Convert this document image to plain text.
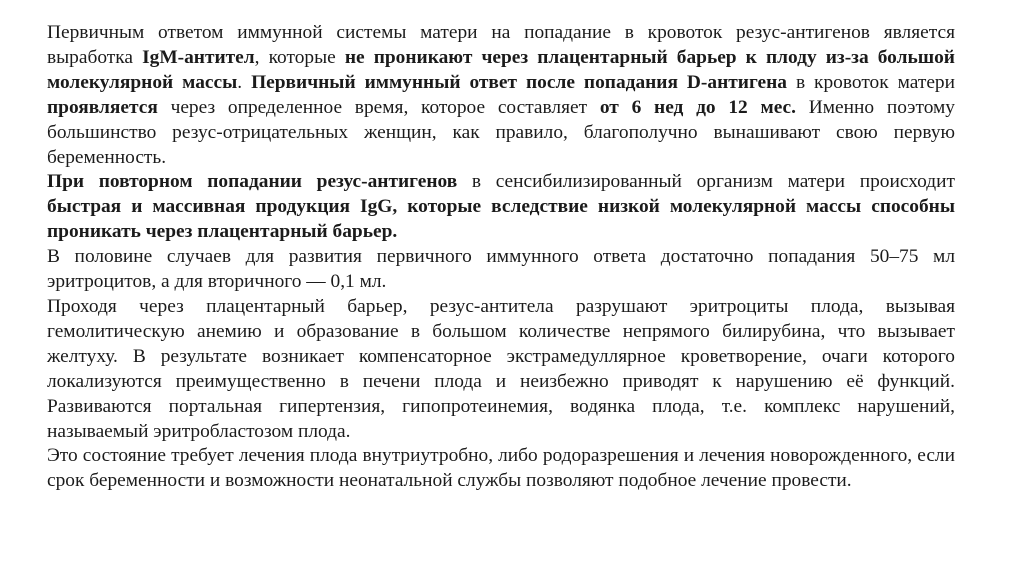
Первичным ответом иммунной системы матери на попадание в кровоток резус-антигенов является выработка IgM-антител, которые не проникают через плацентарный барьер к плоду из-за большой молекулярной массы. Первичный иммунный ответ после попадания D-антигена в кровоток матери проявляется через определенное время, которое составляет от 6 нед до 12 мес. Именно поэтому большинство резус-отрицательных женщин, как правило, благополучно вынашивают свою первую беременность.

При повторном попадании резус-антигенов в сенсибилизированный организм матери происходит быстрая и массивная продукция IgG, которые вследствие низкой молекулярной массы способны проникать через плацентарный барьер.

В половине случаев для развития первичного иммунного ответа достаточно попадания 50–75 мл эритроцитов, а для вторичного — 0,1 мл.

Проходя через плацентарный барьер, резус-антитела разрушают эритроциты плода, вызывая гемолитическую анемию и образование в большом количестве непрямого билирубина, что вызывает желтуху. В результате возникает компенсаторное экстрамедуллярное кроветворение, очаги которого локализуются преимущественно в печени плода и неизбежно приводят к нарушению её функций. Развиваются портальная гипертензия, гипопротеинемия, водянка плода, т.е. комплекс нарушений, называемый эритробластозом плода.

Это состояние требует лечения плода внутриутробно, либо родоразрешения и лечения новорожденного, если срок беременности и возможности неонатальной службы позволяют подобное лечение провести.
